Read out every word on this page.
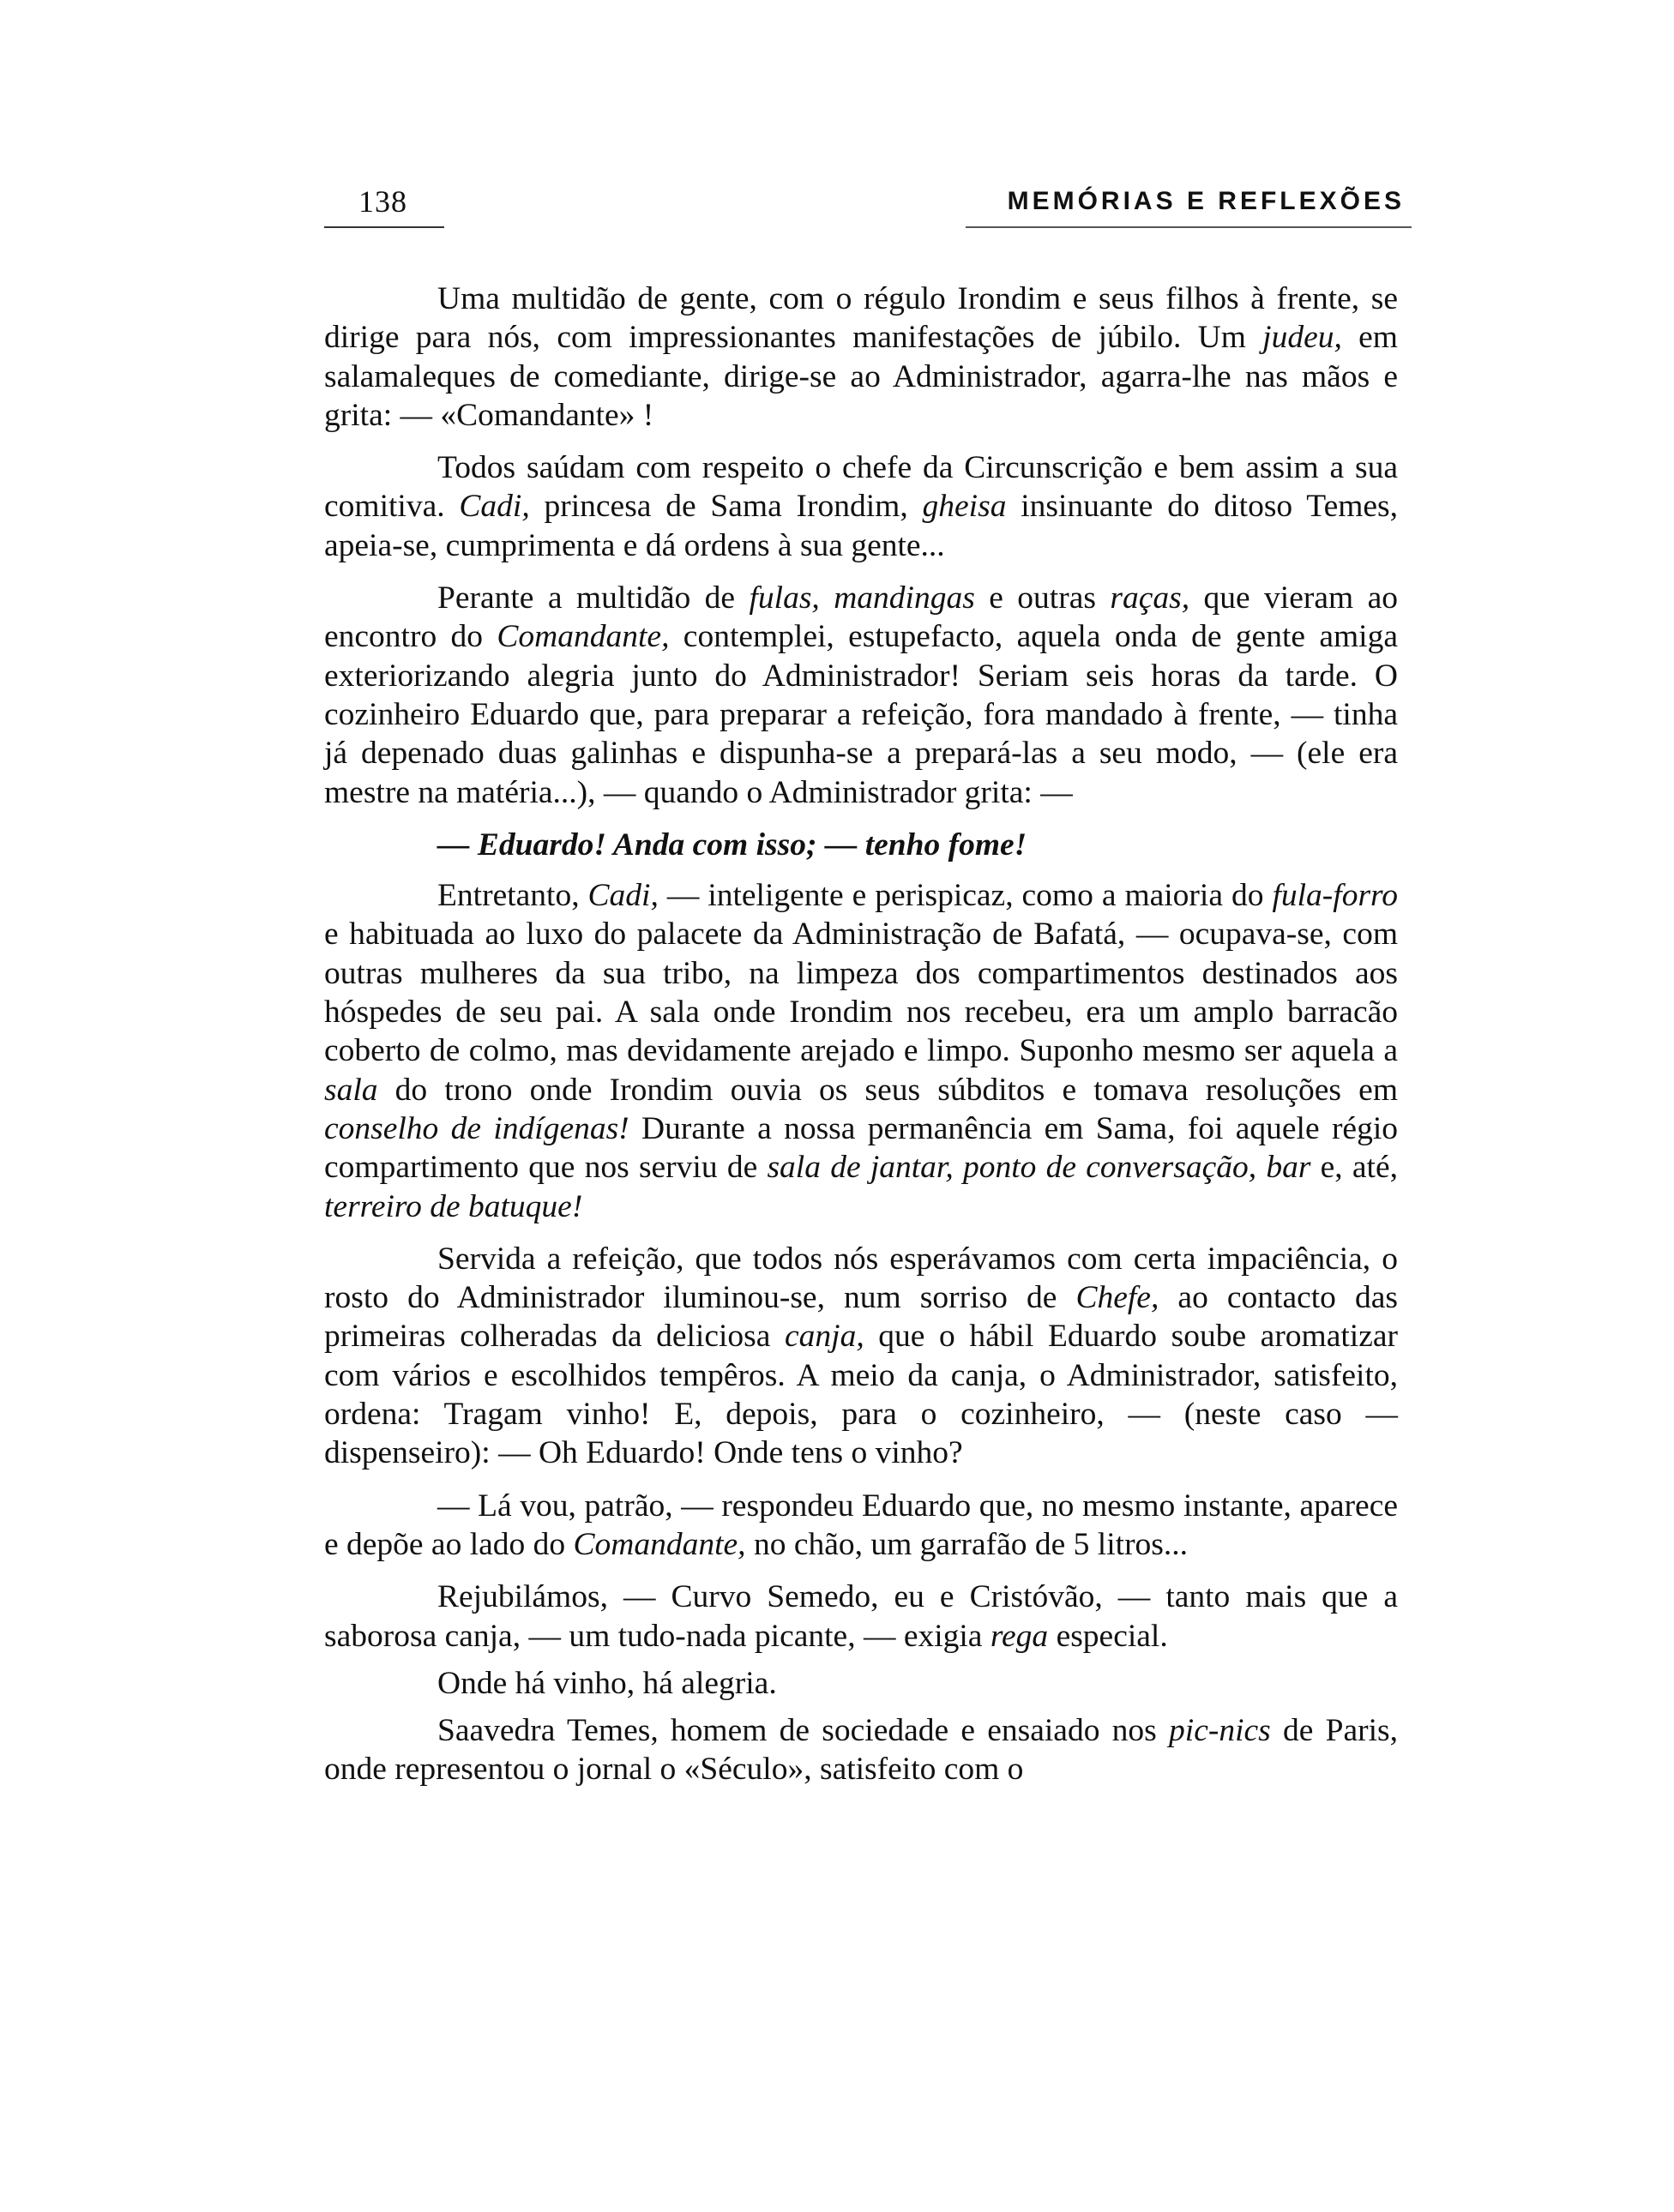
138	MEMÓRIAS E REFLEXÕES

Uma multidão de gente, com o régulo Irondim e seus filhos à frente, se dirige para nós, com impressionantes manifestações de júbilo. Um judeu, em salamaleques de comediante, dirige-se ao Administrador, agarra-lhe nas mãos e grita: — «Comandante» !

Todos saúdam com respeito o chefe da Circunscrição e bem assim a sua comitiva. Cadi, princesa de Sama Irondim, gheisa insinuante do ditoso Temes, apeia-se, cumprimenta e dá ordens à sua gente...

Perante a multidão de fulas, mandingas e outras raças, que vieram ao encontro do Comandante, contemplei, estupefacto, aquela onda de gente amiga exteriorizando alegria junto do Administrador! Seriam seis horas da tarde. O cozinheiro Eduardo que, para preparar a refeição, fora mandado à frente, — tinha já depenado duas galinhas e dispunha-se a prepará-las a seu modo, — (ele era mestre na matéria...), — quando o Administrador grita: —

— Eduardo! Anda com isso; — tenho fome!

Entretanto, Cadi, — inteligente e perispicaz, como a maioria do fula-forro e habituada ao luxo do palacete da Administração de Bafatá, — ocupava-se, com outras mulheres da sua tribo, na limpeza dos compartimentos destinados aos hóspedes de seu pai. A sala onde Irondim nos recebeu, era um amplo barracão coberto de colmo, mas devidamente arejado e limpo. Suponho mesmo ser aquela a sala do trono onde Irondim ouvia os seus súbditos e tomava resoluções em conselho de indígenas! Durante a nossa permanência em Sama, foi aquele régio compartimento que nos serviu de sala de jantar, ponto de conversação, bar e, até, terreiro de batuque!

Servida a refeição, que todos nós esperávamos com certa impaciência, o rosto do Administrador iluminou-se, num sorriso de Chefe, ao contacto das primeiras colheradas da deliciosa canja, que o hábil Eduardo soube aromatizar com vários e escolhidos tempêros. A meio da canja, o Administrador, satisfeito, ordena: Tragam vinho! E, depois, para o cozinheiro, — (neste caso — dispenseiro): — Oh Eduardo! Onde tens o vinho?

— Lá vou, patrão, — respondeu Eduardo que, no mesmo instante, aparece e depõe ao lado do Comandante, no chão, um garrafão de 5 litros...

Rejubilámos, — Curvo Semedo, eu e Cristóvão, — tanto mais que a saborosa canja, — um tudo-nada picante, — exigia rega especial.

Onde há vinho, há alegria.

Saavedra Temes, homem de sociedade e ensaiado nos pic-nics de Paris, onde representou o jornal o «Século», satisfeito com o
